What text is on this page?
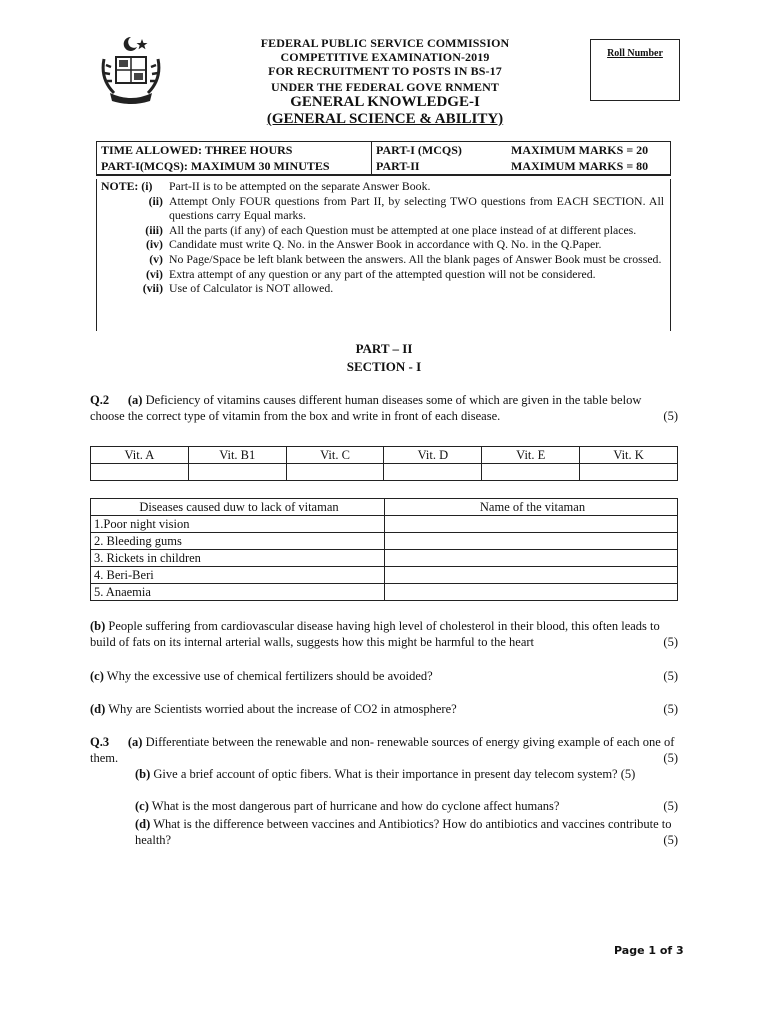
FEDERAL PUBLIC SERVICE COMMISSION
COMPETITIVE EXAMINATION-2019
FOR RECRUITMENT TO POSTS IN BS-17
UNDER THE FEDERAL GOVE RNMENT
GENERAL KNOWLEDGE-I
(GENERAL SCIENCE & ABILITY)
Roll Number
TIME ALLOWED: THREE HOURS	PART-I (MCQS)	MAXIMUM MARKS = 20
PART-I(MCQS): MAXIMUM 30 MINUTES	PART-II	MAXIMUM MARKS = 80
NOTE: (i)	Part-II is to be attempted on the separate Answer Book.
(ii) Attempt Only FOUR questions from Part II, by selecting TWO questions from EACH SECTION. All questions carry Equal marks.
(iii) All the parts (if any) of each Question must be attempted at one place instead of at different places.
(iv) Candidate must write Q. No. in the Answer Book in accordance with Q. No. in the Q.Paper.
(v) No Page/Space be left blank between the answers. All the blank pages of Answer Book must be crossed.
(vi) Extra attempt of any question or any part of the attempted question will not be considered.
(vii) Use of Calculator is NOT allowed.
PART – II
SECTION - I
Q.2 (a) Deficiency of vitamins causes different human diseases some of which are given in the table below choose the correct type of vitamin from the box and write in front of each disease.	(5)
Vit. A	Vit. B1	Vit. C	Vit. D	Vit. E	Vit. K

Diseases caused duw to lack of vitaman	Name of the vitaman
1.Poor night vision	
2. Bleeding gums	
3. Rickets in children	
4. Beri-Beri	
5. Anaemia	
(b) People suffering from cardiovascular disease having high level of cholesterol in their blood, this often leads to build of fats on its internal arterial walls, suggests how this might be harmful to the heart	(5)
(c) Why the excessive use of chemical fertilizers should be avoided?	(5)
(d) Why are Scientists worried about the increase of CO2 in atmosphere?	(5)
Q.3 (a) Differentiate between the renewable and non- renewable sources of energy giving example of each one of them.	(5)
(b) Give a brief account of optic fibers. What is their importance in present day telecom system? (5)
(c) What is the most dangerous part of hurricane and how do cyclone affect humans?	(5)
(d) What is the difference between vaccines and Antibiotics? How do antibiotics and vaccines contribute to health?	(5)
Page 1 of 3
